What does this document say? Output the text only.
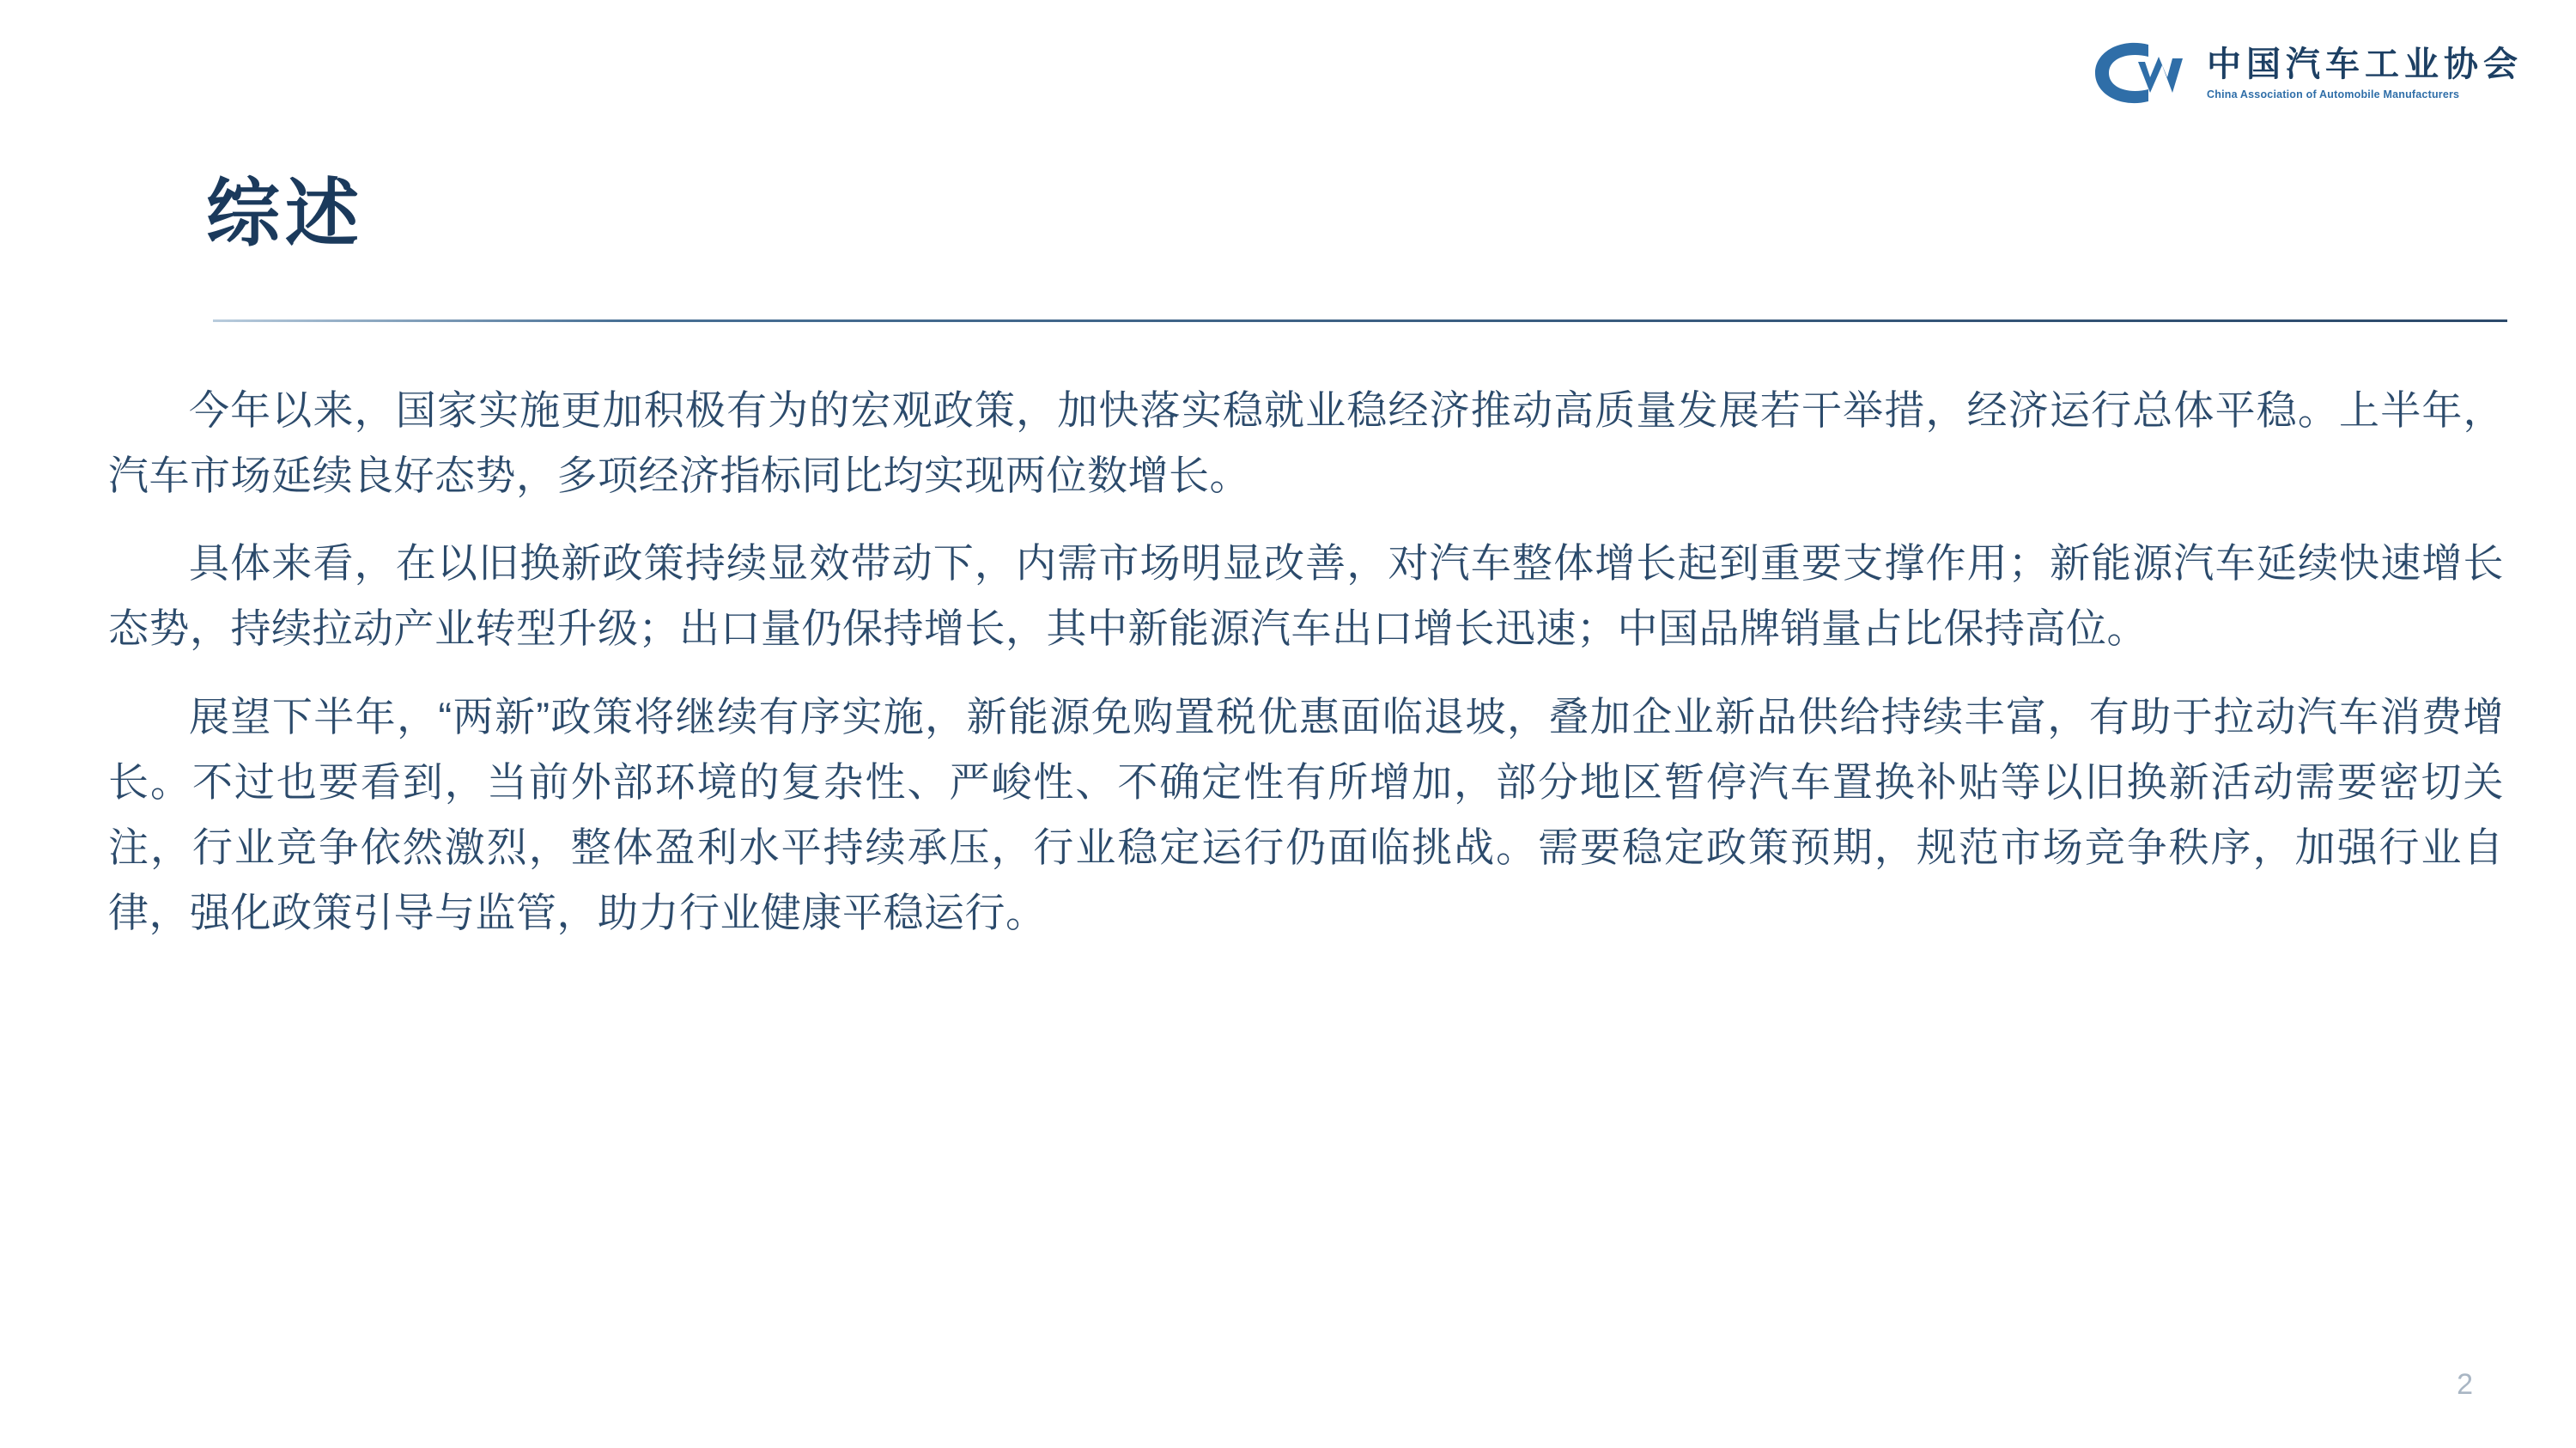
中国汽车工业协会
China Association of Automobile Manufacturers
综述

今年以来，国家实施更加积极有为的宏观政策，加快落实稳就业稳经济推动高质量发展若干举措，经济运行总体平稳。上半年，汽车市场延续良好态势，多项经济指标同比均实现两位数增长。

具体来看，在以旧换新政策持续显效带动下，内需市场明显改善，对汽车整体增长起到重要支撑作用；新能源汽车延续快速增长态势，持续拉动产业转型升级；出口量仍保持增长，其中新能源汽车出口增长迅速；中国品牌销量占比保持高位。

展望下半年，“两新”政策将继续有序实施，新能源免购置税优惠面临退坡，叠加企业新品供给持续丰富，有助于拉动汽车消费增长。不过也要看到，当前外部环境的复杂性、严峻性、不确定性有所增加，部分地区暂停汽车置换补贴等以旧换新活动需要密切关注，行业竞争依然激烈，整体盈利水平持续承压，行业稳定运行仍面临挑战。需要稳定政策预期，规范市场竞争秩序，加强行业自律，强化政策引导与监管，助力行业健康平稳运行。

2
